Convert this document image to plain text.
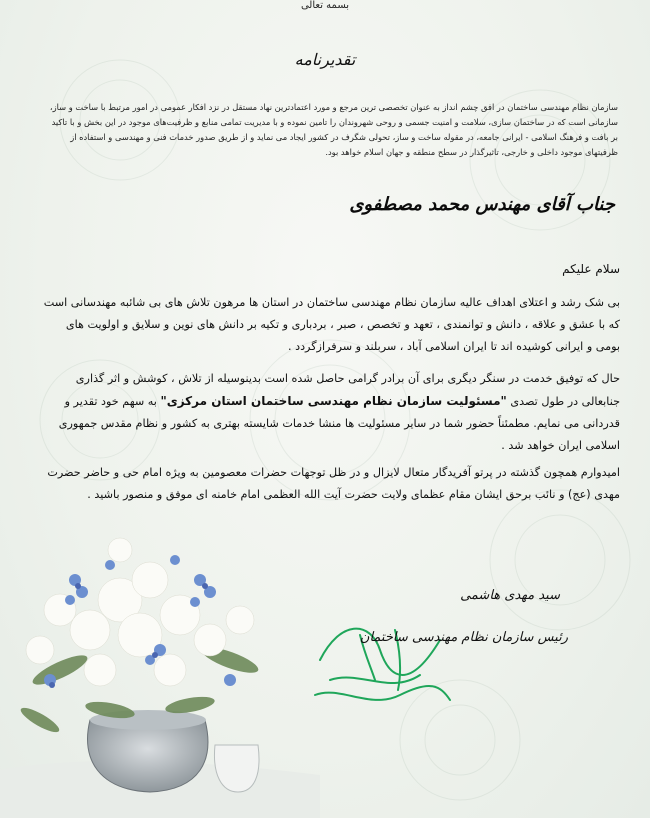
بسمه تعالی
تقدیرنامه
سازمان نظام مهندسی ساختمان در افق چشم انداز به عنوان تخصصی ترین مرجع و مورد اعتمادترین نهاد مستقل در نزد افکار عمومی در امور مرتبط با ساخت و ساز، سازمانی است که در ساختمان سازی، سلامت و امنیت جسمی و روحی شهروندان را تامین نموده و با مدیریت تمامی منابع و ظرفیت‌های موجود در این بخش و با تاکید بر بافت و فرهنگ اسلامی - ایرانی جامعه، در مقوله ساخت و ساز، تحولی شگرف در کشور ایجاد می نماید و از طریق صدور خدمات فنی و مهندسی و استفاده از ظرفیتهای موجود داخلی و خارجی، تاثیرگذار در سطح منطقه و جهان اسلام خواهد بود.
جناب آقای مهندس محمد مصطفوی
سلام علیکم
بی شک رشد و اعتلای اهداف عالیه سازمان نظام مهندسی ساختمان در استان ها مرهون تلاش های بی شائبه مهندسانی است که با عشق و علاقه ، دانش و توانمندی ، تعهد و تخصص ، صبر ، بردباری و تکیه بر دانش های نوین و سلایق و اولویت های بومی و ایرانی کوشیده اند تا ایران اسلامی آباد ، سربلند و سرفرازگردد .
حال که توفیق خدمت در سنگر دیگری برای آن برادر گرامی حاصل شده است بدینوسیله از تلاش ، کوشش و اثر گذاری جنابعالی در طول تصدی "مسئولیت سازمان نظام مهندسی ساختمان استان مرکزی" به سهم خود تقدیر و قدردانی می نمایم. مطمئناً حضور شما در سایر مسئولیت ها منشا خدمات شایسته بهتری به کشور و نظام مقدس جمهوری اسلامی ایران خواهد شد .
امیدوارم همچون گذشته در پرتو آفریدگار متعال لایزال و در ظل توجهات حضرات معصومین به ویژه امام حی و حاضر حضرت مهدی (عج) و نائب برحق ایشان مقام عظمای ولایت حضرت آیت الله العظمی امام خامنه ای موفق و منصور باشید .
سید مهدی هاشمی
رئیس سازمان نظام مهندسی ساختمان
